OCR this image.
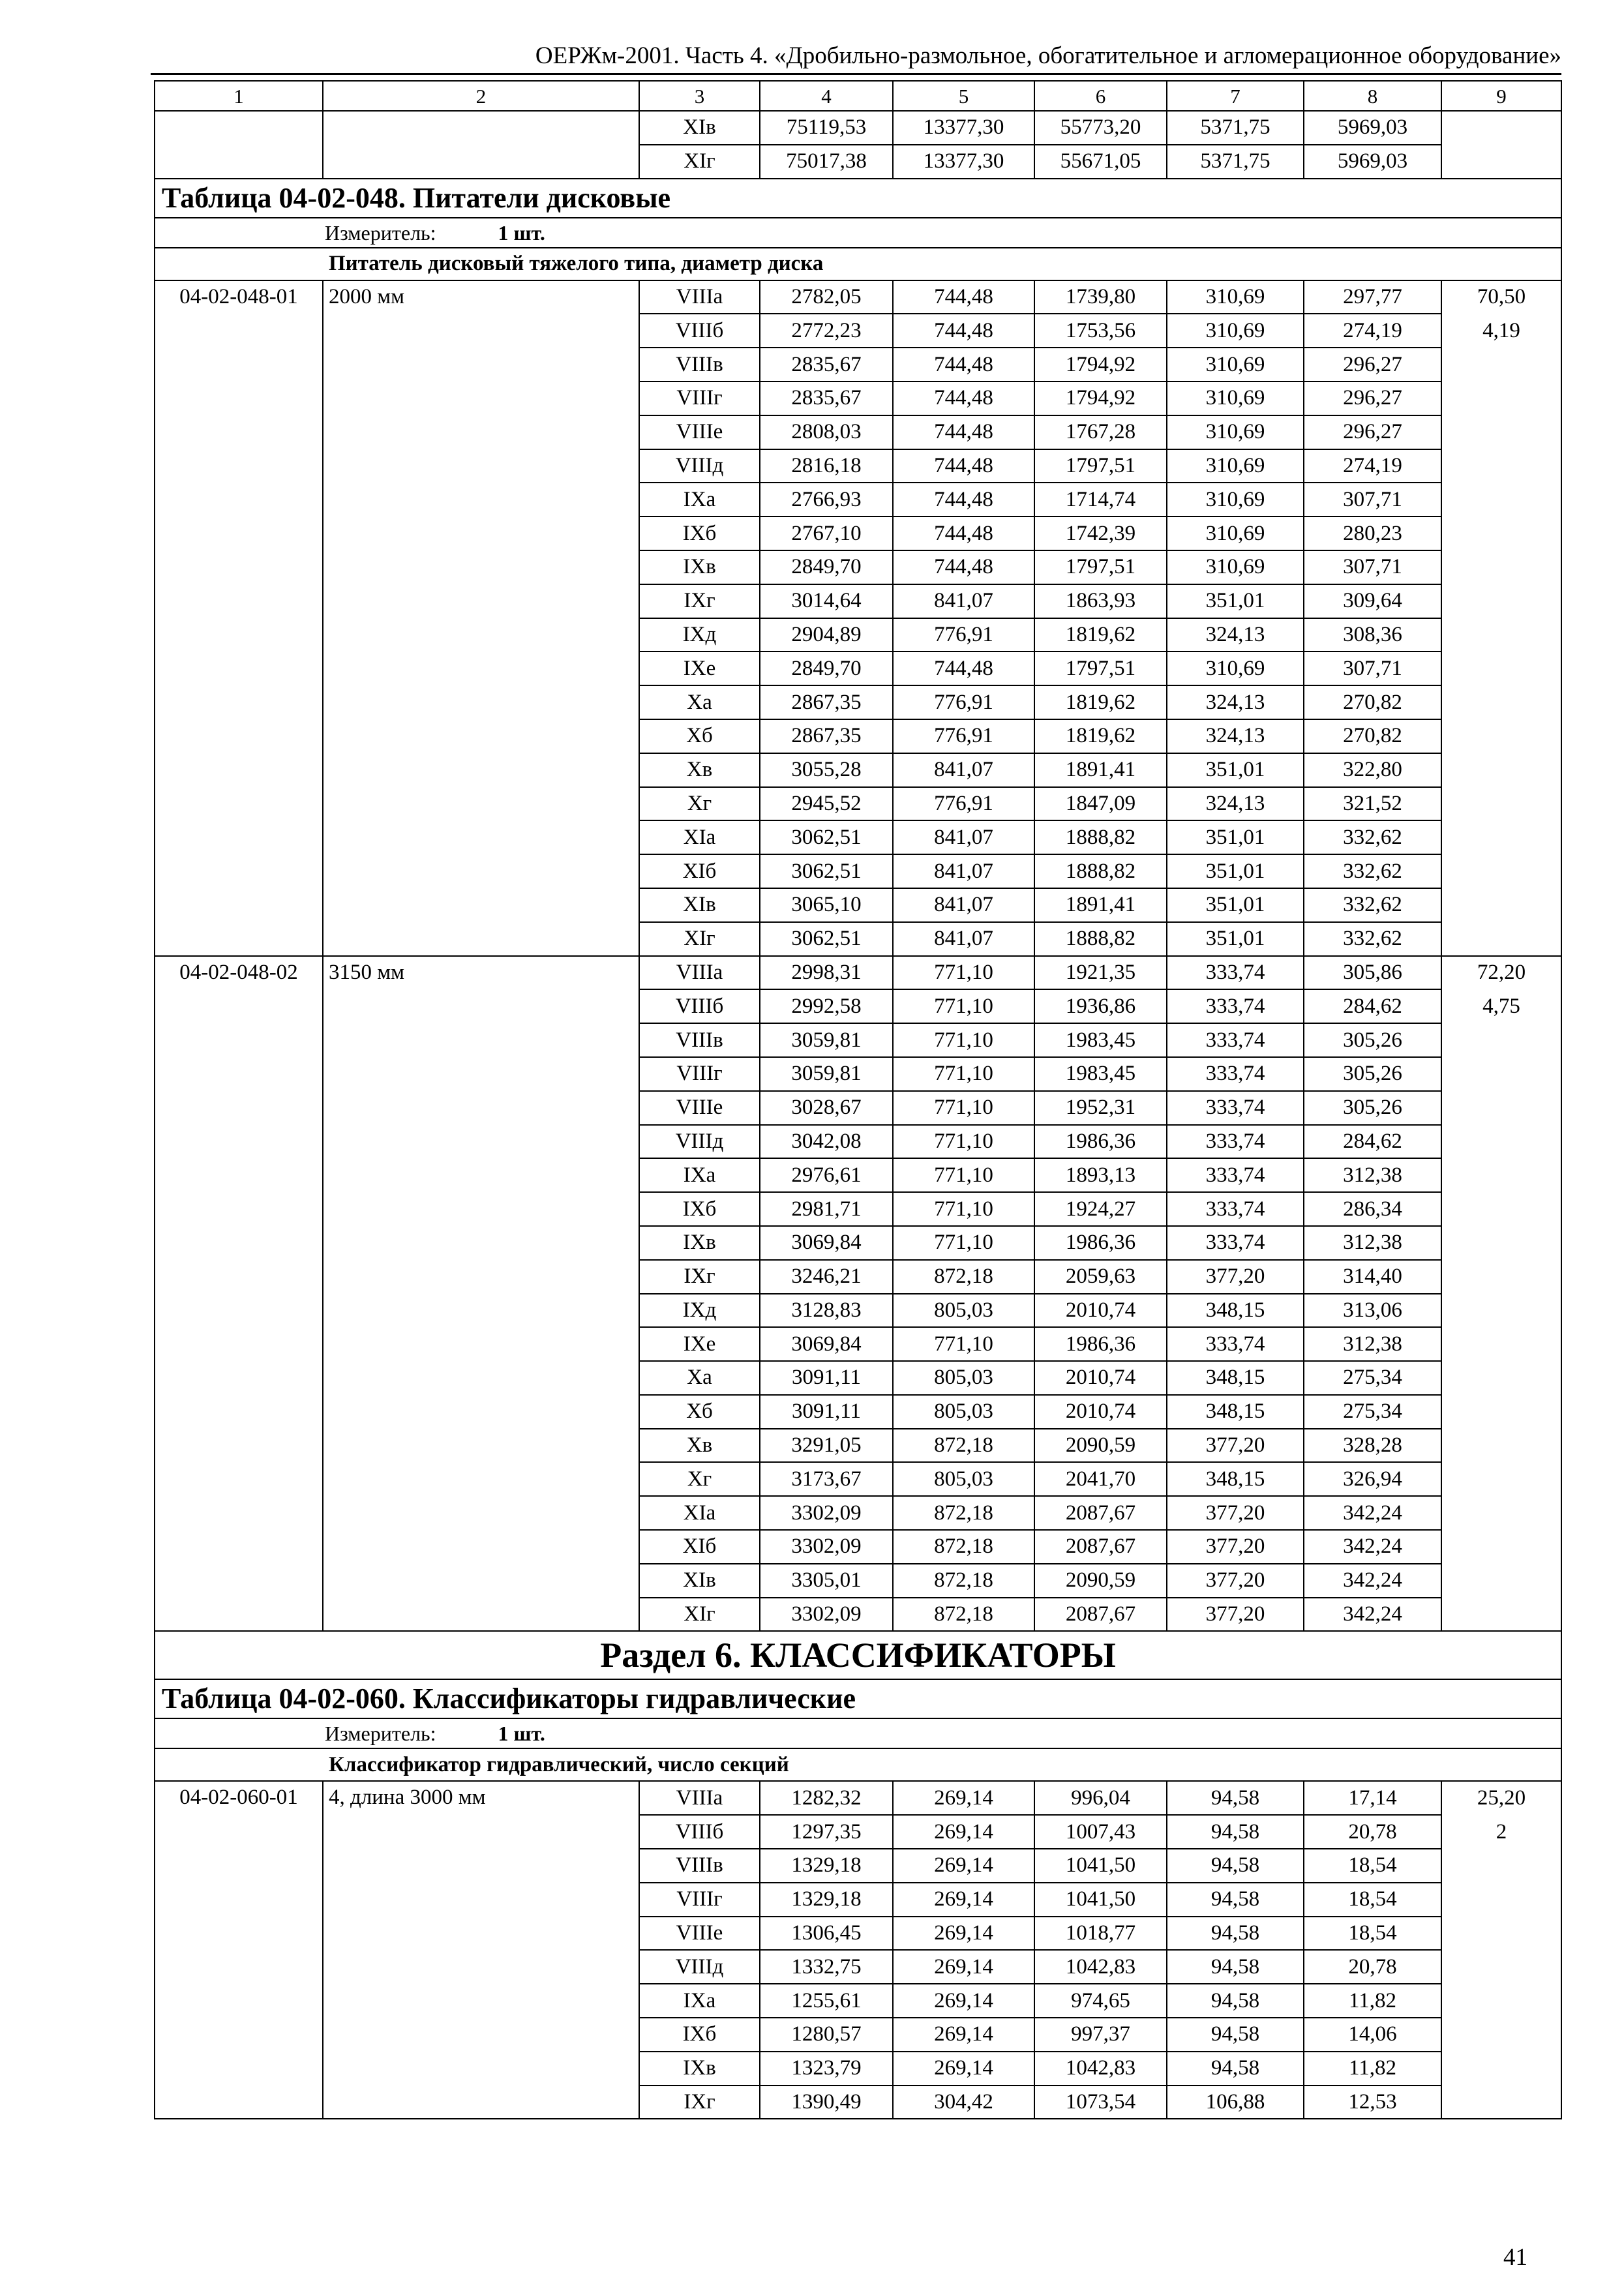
ОЕРЖм-2001. Часть 4. «Дробильно-размольное, обогатительное и агломерационное оборудование»
1	2	3	4	5	6	7	8	9
		XIв	75119,53	13377,30	55773,20	5371,75	5969,03	
		XIг	75017,38	13377,30	55671,05	5371,75	5969,03	
Таблица 04-02-048. Питатели дисковые								
Измеритель: 1 шт.								
Питатель дисковый тяжелого типа, диаметр диска								
04-02-048-01	2000 мм	VIIIa	2782,05	744,48	1739,80	310,69	297,77	70,50
		VIIIб	2772,23	744,48	1753,56	310,69	274,19	4,19
		VIIIв	2835,67	744,48	1794,92	310,69	296,27	
		VIIIг	2835,67	744,48	1794,92	310,69	296,27	
		VIIIe	2808,03	744,48	1767,28	310,69	296,27	
		VIIIд	2816,18	744,48	1797,51	310,69	274,19	
		IXa	2766,93	744,48	1714,74	310,69	307,71	
		IXб	2767,10	744,48	1742,39	310,69	280,23	
		IXв	2849,70	744,48	1797,51	310,69	307,71	
		IXг	3014,64	841,07	1863,93	351,01	309,64	
		IXд	2904,89	776,91	1819,62	324,13	308,36	
		IXe	2849,70	744,48	1797,51	310,69	307,71	
		Xa	2867,35	776,91	1819,62	324,13	270,82	
		Xб	2867,35	776,91	1819,62	324,13	270,82	
		Xв	3055,28	841,07	1891,41	351,01	322,80	
		Xг	2945,52	776,91	1847,09	324,13	321,52	
		XIa	3062,51	841,07	1888,82	351,01	332,62	
		XIб	3062,51	841,07	1888,82	351,01	332,62	
		XIв	3065,10	841,07	1891,41	351,01	332,62	
		XIг	3062,51	841,07	1888,82	351,01	332,62	
04-02-048-02	3150 мм	VIIIa	2998,31	771,10	1921,35	333,74	305,86	72,20
		VIIIб	2992,58	771,10	1936,86	333,74	284,62	4,75
		VIIIв	3059,81	771,10	1983,45	333,74	305,26	
		VIIIг	3059,81	771,10	1983,45	333,74	305,26	
		VIIIe	3028,67	771,10	1952,31	333,74	305,26	
		VIIIд	3042,08	771,10	1986,36	333,74	284,62	
		IXa	2976,61	771,10	1893,13	333,74	312,38	
		IXб	2981,71	771,10	1924,27	333,74	286,34	
		IXв	3069,84	771,10	1986,36	333,74	312,38	
		IXг	3246,21	872,18	2059,63	377,20	314,40	
		IXд	3128,83	805,03	2010,74	348,15	313,06	
		IXe	3069,84	771,10	1986,36	333,74	312,38	
		Xa	3091,11	805,03	2010,74	348,15	275,34	
		Xб	3091,11	805,03	2010,74	348,15	275,34	
		Xв	3291,05	872,18	2090,59	377,20	328,28	
		Xг	3173,67	805,03	2041,70	348,15	326,94	
		XIa	3302,09	872,18	2087,67	377,20	342,24	
		XIб	3302,09	872,18	2087,67	377,20	342,24	
		XIв	3305,01	872,18	2090,59	377,20	342,24	
		XIг	3302,09	872,18	2087,67	377,20	342,24	
Раздел 6. КЛАССИФИКАТОРЫ								
Таблица 04-02-060. Классификаторы гидравлические								
Измеритель: 1 шт.								
Классификатор гидравлический, число секций								
04-02-060-01	4, длина 3000 мм	VIIIa	1282,32	269,14	996,04	94,58	17,14	25,20
		VIIIб	1297,35	269,14	1007,43	94,58	20,78	2
		VIIIв	1329,18	269,14	1041,50	94,58	18,54	
		VIIIг	1329,18	269,14	1041,50	94,58	18,54	
		VIIIe	1306,45	269,14	1018,77	94,58	18,54	
		VIIIд	1332,75	269,14	1042,83	94,58	20,78	
		IXa	1255,61	269,14	974,65	94,58	11,82	
		IXб	1280,57	269,14	997,37	94,58	14,06	
		IXв	1323,79	269,14	1042,83	94,58	11,82	
		IXг	1390,49	304,42	1073,54	106,88	12,53	
41
